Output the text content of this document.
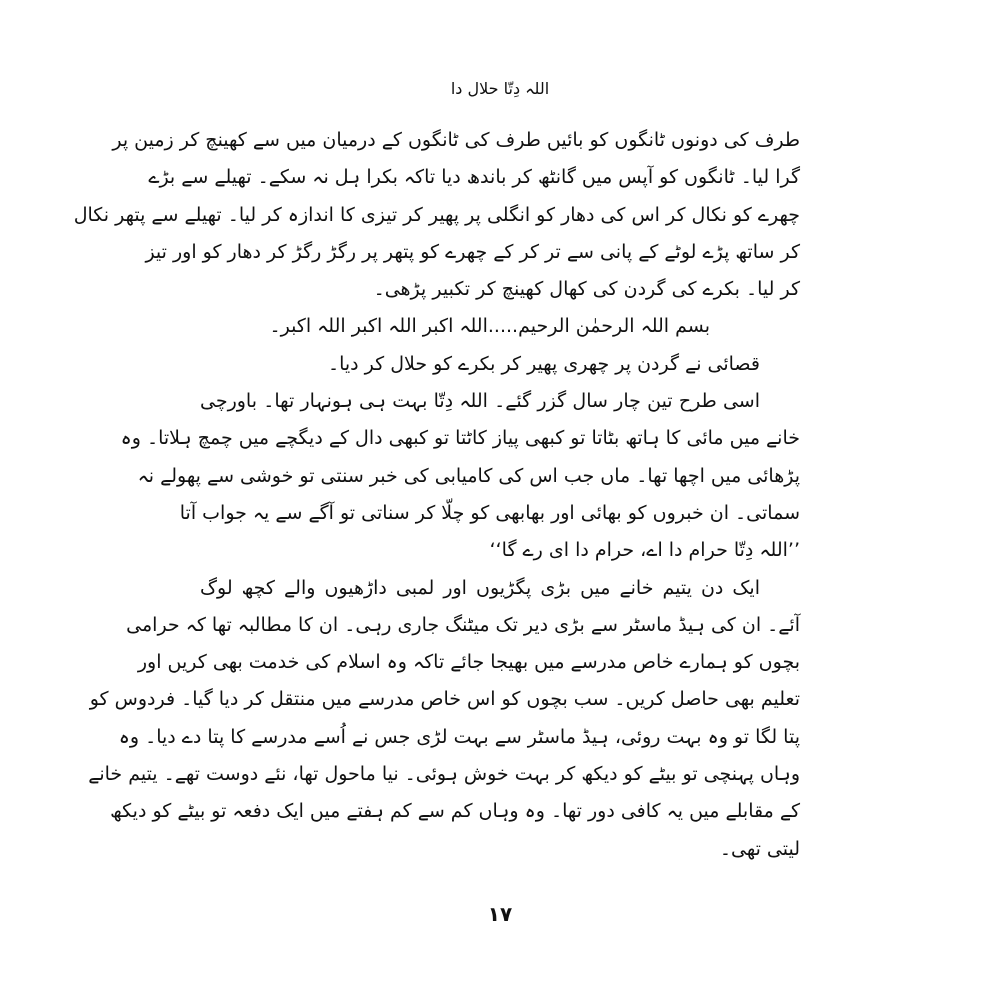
اللہ دِتّا حلال دا
طرف کی دونوں ٹانگوں کو بائیں طرف کی ٹانگوں کے درمیان میں سے کھینچ کر زمین پر
گرا لیا۔ ٹانگوں کو آپس میں گانٹھ کر باندھ دیا تاکہ بکرا ہل نہ سکے۔ تھیلے سے بڑے
چھرے کو نکال کر اس کی دھار کو انگلی پر پھیر کر تیزی کا اندازہ کر لیا۔ تھیلے سے پتھر نکال
کر ساتھ پڑے لوٹے کے پانی سے تر کر کے چھرے کو پتھر پر رگڑ رگڑ کر دھار کو اور تیز
کر لیا۔ بکرے کی گردن کی کھال کھینچ کر تکبیر پڑھی۔
بسم اللہ الرحمٰن الرحیم.....اللہ اکبر اللہ اکبر اللہ اکبر۔
قصائی نے گردن پر چھری پھیر کر بکرے کو حلال کر دیا۔
اسی طرح تین چار سال گزر گئے۔ اللہ دِتّا بہت ہی ہونہار تھا۔ باورچی
خانے میں مائی کا ہاتھ بٹاتا تو کبھی پیاز کاٹتا تو کبھی دال کے دیگچے میں چمچ ہلاتا۔ وہ
پڑھائی میں اچھا تھا۔ ماں جب اس کی کامیابی کی خبر سنتی تو خوشی سے پھولے نہ
سماتی۔ ان خبروں کو بھائی اور بھابھی کو چلّا کر سناتی تو آگے سے یہ جواب آتا
’’اللہ دِتّا حرام دا اے، حرام دا ای رے گا‘‘
ایک دن یتیم خانے میں بڑی پگڑیوں اور لمبی داڑھیوں والے کچھ لوگ
آئے۔ ان کی ہیڈ ماسٹر سے بڑی دیر تک میٹنگ جاری رہی۔ ان کا مطالبہ تھا کہ حرامی
بچوں کو ہمارے خاص مدرسے میں بھیجا جائے تاکہ وہ اسلام کی خدمت بھی کریں اور
تعلیم بھی حاصل کریں۔ سب بچوں کو اس خاص مدرسے میں منتقل کر دیا گیا۔ فردوس کو
پتا لگا تو وہ بہت روئی، ہیڈ ماسٹر سے بہت لڑی جس نے اُسے مدرسے کا پتا دے دیا۔ وہ
وہاں پہنچی تو بیٹے کو دیکھ کر بہت خوش ہوئی۔ نیا ماحول تھا، نئے دوست تھے۔ یتیم خانے
کے مقابلے میں یہ کافی دور تھا۔ وہ وہاں کم سے کم ہفتے میں ایک دفعہ تو بیٹے کو دیکھ
لیتی تھی۔
۱۷
